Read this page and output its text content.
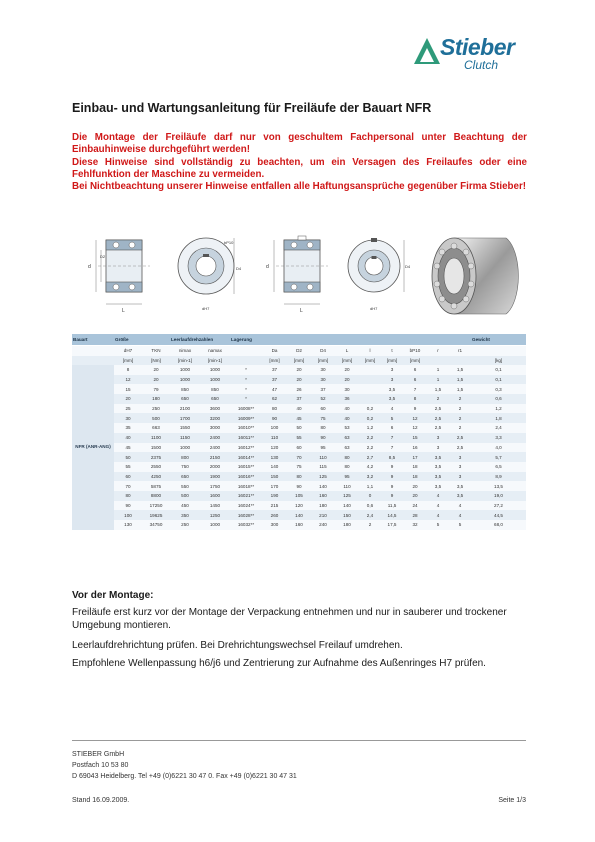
Stieber
Clutch
Einbau- und Wartungsanleitung für Freiläufe der Bauart NFR

Die Montage der Freiläufe darf nur von geschultem Fachpersonal unter Beachtung der Einbauhinweise durchgeführt werden!

Diese Hinweise sind vollständig zu beachten, um ein Versagen des Freilaufes oder eine Fehlfunktion der Maschine zu vermeiden.

Bei Nichtbeachtung unserer Hinweise entfallen alle Haftungsansprüche gegenüber Firma Stieber!

L
d
D2
D4
bP10
dH7	L
d	D4
dH7
Bauart	Größe		Leerlaufdrehzahlen		Lagerung										Gewicht
	dH7	TKN	nimax	namax		Da	D2	D4	L	l	t	bP10	r	r1	
	[mm]	[Nm]	[min-1]	[min-1]		[mm]	[mm]	[mm]	[mm]	[mm]	[mm]	[mm]			[kg]
NFR (ANR-ANG)	8	20	1000	1000	*	37	20	30	20		3	6	1	1,5	0,1
	12	20	1000	1000	*	37	20	30	20		3	6	1	1,5	0,1
	15	79	850	850	*	47	26	37	30		3,5	7	1,5	1,5	0,3
	20	180	650	650	*	62	37	52	36		3,5	8	2	2	0,6
	25	250	2100	3600	16008**	80	40	60	40	0,2	4	9	2,5	2	1,2
	30	500	1700	3200	16009**	90	45	75	40	0,2	5	12	2,5	2	1,8
	35	663	1550	3000	16010**	100	50	80	53	1,2	6	12	2,5	2	2,4
	40	1100	1150	2400	16011**	110	55	90	63	2,2	7	15	3	2,5	3,3
	45	1500	1000	2400	16012**	120	60	95	63	2,2	7	16	3	2,5	4,0
	50	2375	800	2150	16014**	130	70	110	80	2,7	8,5	17	3,5	3	5,7
	55	2550	750	2000	16015**	140	75	115	80	4,2	9	18	3,5	3	6,5
	60	4250	650	1900	16016**	150	80	125	95	3,2	9	18	3,5	3	8,9
	70	5875	550	1750	16018**	170	90	140	110	1,1	9	20	3,5	3,5	13,5
	80	8800	500	1600	16021**	190	105	160	125	0	9	20	4	3,5	19,0
	90	17250	450	1450	16024**	215	120	180	140	0,6	11,5	24	4	4	27,2
	100	19625	350	1250	16028**	260	140	210	150	2,4	14,5	28	4	4	44,5
	130	34750	250	1000	16032**	300	160	240	180	2	17,5	32	5	5	68,0
Vor der Montage:

Freiläufe erst kurz vor der Montage der Verpackung entnehmen und nur in sauberer und trockener Umgebung montieren.

Leerlaufdrehrichtung prüfen. Bei Drehrichtungswechsel Freilauf umdrehen.

Empfohlene Wellenpassung h6/j6 und Zentrierung zur Aufnahme des Außenringes H7 prüfen.

STIEBER GmbH
Postfach 10 53 80
D 69043 Heidelberg. Tel +49 (0)6221 30 47 0. Fax +49 (0)6221 30 47 31
Stand 16.09.2009.	Seite 1/3
